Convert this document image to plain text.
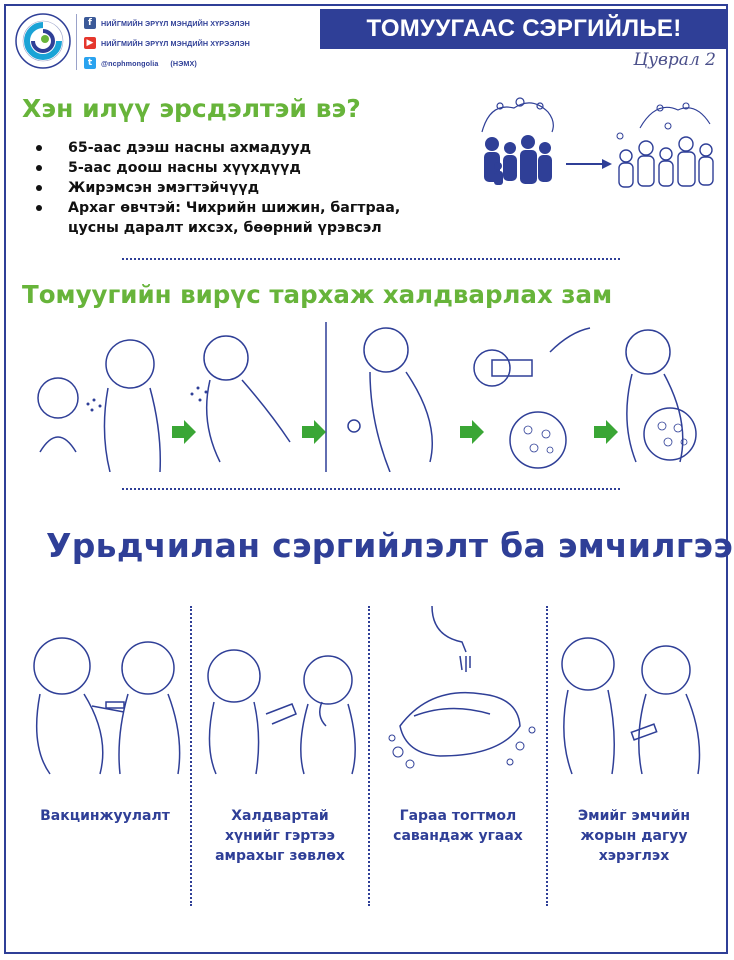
f	НИЙГМИЙН ЭРҮҮЛ МЭНДИЙН ХҮРЭЭЛЭН
▶	НИЙГМИЙН ЭРҮҮЛ МЭНДИЙН ХҮРЭЭЛЭН
t	@ncphmongolia (НЭМХ)
ТОМУУГААС СЭРГИЙЛЬЕ!
Цуврал 2
Хэн илүү эрсдэлтэй вэ?
65-аас дээш насны ахмадууд
5-аас доош насны хүүхдүүд
Жирэмсэн эмэгтэйчүүд
Архаг өвчтэй: Чихрийн шижин, багтраа, цусны даралт ихсэх, бөөрний үрэвсэл
Томуугийн вирүс тархаж халдварлах зам
Урьдчилан сэргийлэлт ба эмчилгээ
Вакцинжуулалт	Халдвартай
хүнийг гэртээ
амрахыг зөвлөх
Гараа тогтмол
савандаж угаах
Эмийг эмчийн
жорын дагуу
хэрэглэх
